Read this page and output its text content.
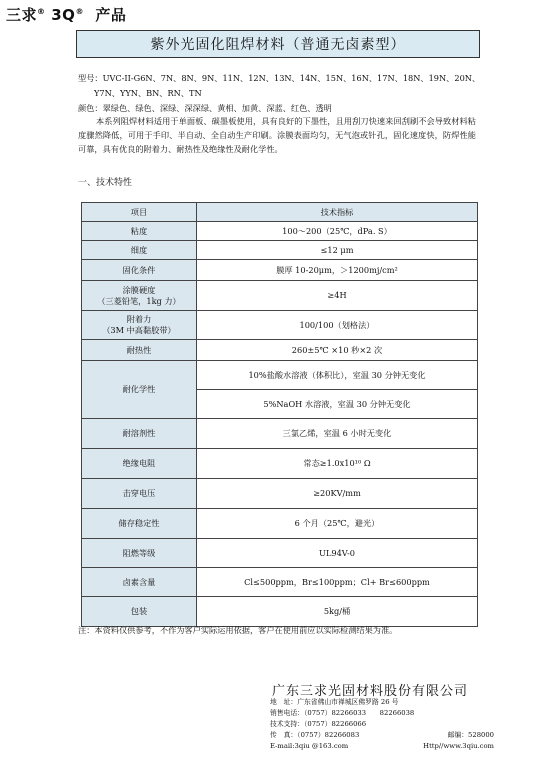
三求® 3Q® 产品
紫外光固化阻焊材料（普通无卤素型）
型号：UVC-II-G6N、7N、8N、9N、11N、12N、13N、14N、15N、16N、17N、18N、19N、20N、
Y7N、YYN、BN、RN、TN
颜色：翠绿色、绿色、深绿、深深绿、黄相、加黄、深蓝、红色、透明

本系列阻焊材料适用于单面板、碳墨板使用，具有良好的下墨性，且用刮刀快速来回刮刷不会导致材料粘度骤然降低，可用于手印、半自动、全自动生产印刷。涂膜表面均匀，无气泡或针孔，固化速度快，防焊性能可靠，具有优良的附着力、耐热性及绝缘性及耐化学性。

一、技术特性
项目	技术指标
粘度	100～200（25℃，dPa. S）
细度	≤12 μm
固化条件	膜厚 10-20μm，＞1200mj/cm²

涂膜硬度
（三菱铅笔，1kg 力）	≥4H

附着力
（3M 中高黏胶带）	100/100（划格法）
耐热性	260±5℃ ×10 秒×2 次
耐化学性	10%盐酸水溶液（体积比），室温 30 分钟无变化
	5%NaOH 水溶液，室温 30 分钟无变化
耐溶剂性	三氯乙烯，室温 6 小时无变化
绝缘电阻	常态≥1.0x10¹⁰ Ω
击穿电压	≥20KV/mm
储存稳定性	6 个月（25℃，避光）
阻燃等级	UL94V-0
卤素含量	Cl≤500ppm，Br≤100ppm；Cl+ Br≤600ppm
包装	5kg/桶
注：本资料仅供参考，不作为客户实际运用依据，客户在使用前应以实际检测结果为准。
广东三求光固材料股份有限公司
地　址：广东省佛山市禅城区佛罗路 26 号
销售电话：（0757）82266033　　82266038
技术支持：（0757）82266066
传　真：（0757）82266083	邮编：528000
E-mail:3qiu @163.com	Http//www.3qiu.com
